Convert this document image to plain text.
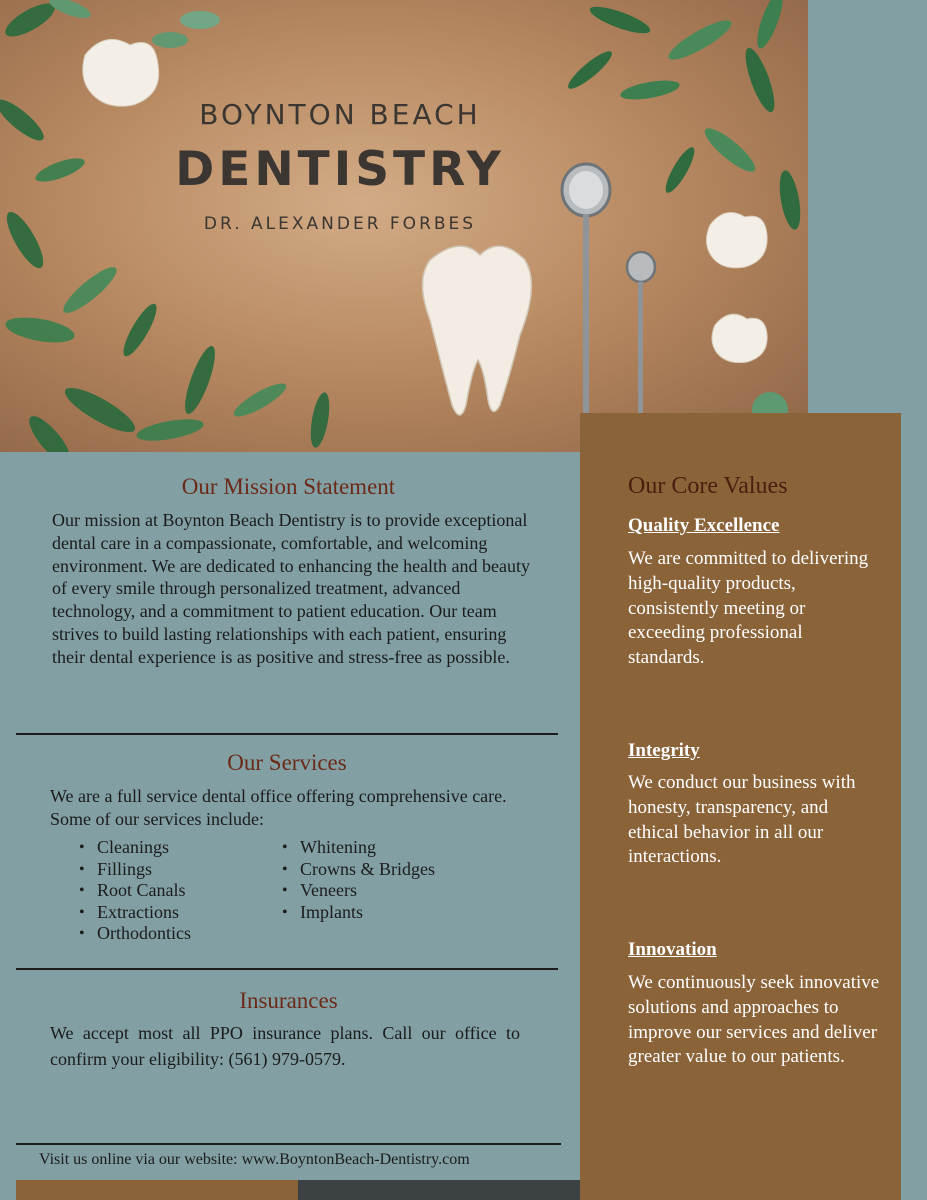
BOYNTON BEACH
DENTISTRY
DR. ALEXANDER FORBES
Our Mission Statement
Our mission at Boynton Beach Dentistry is to provide exceptional dental care in a compassionate, comfortable, and welcoming environment. We are dedicated to enhancing the health and beauty of every smile through personalized treatment, advanced technology, and a commitment to patient education. Our team strives to build lasting relationships with each patient, ensuring their dental experience is as positive and stress-free as possible.
Our Services
We are a full service dental office offering comprehensive care. Some of our services include:
• Cleanings
• Fillings
• Root Canals
• Extractions
• Orthodontics
• Whitening
• Crowns & Bridges
• Veneers
• Implants
Insurances
We accept most all PPO insurance plans. Call our office to confirm your eligibility: (561) 979-0579.
Visit us online via our website: www.BoyntonBeach-Dentistry.com
Our Core Values
Quality Excellence
We are committed to delivering high-quality products, consistently meeting or exceeding professional standards.
Integrity
We conduct our business with honesty, transparency, and ethical behavior in all our interactions.
Innovation
We continuously seek innovative solutions and approaches to improve our services and deliver greater value to our patients.
